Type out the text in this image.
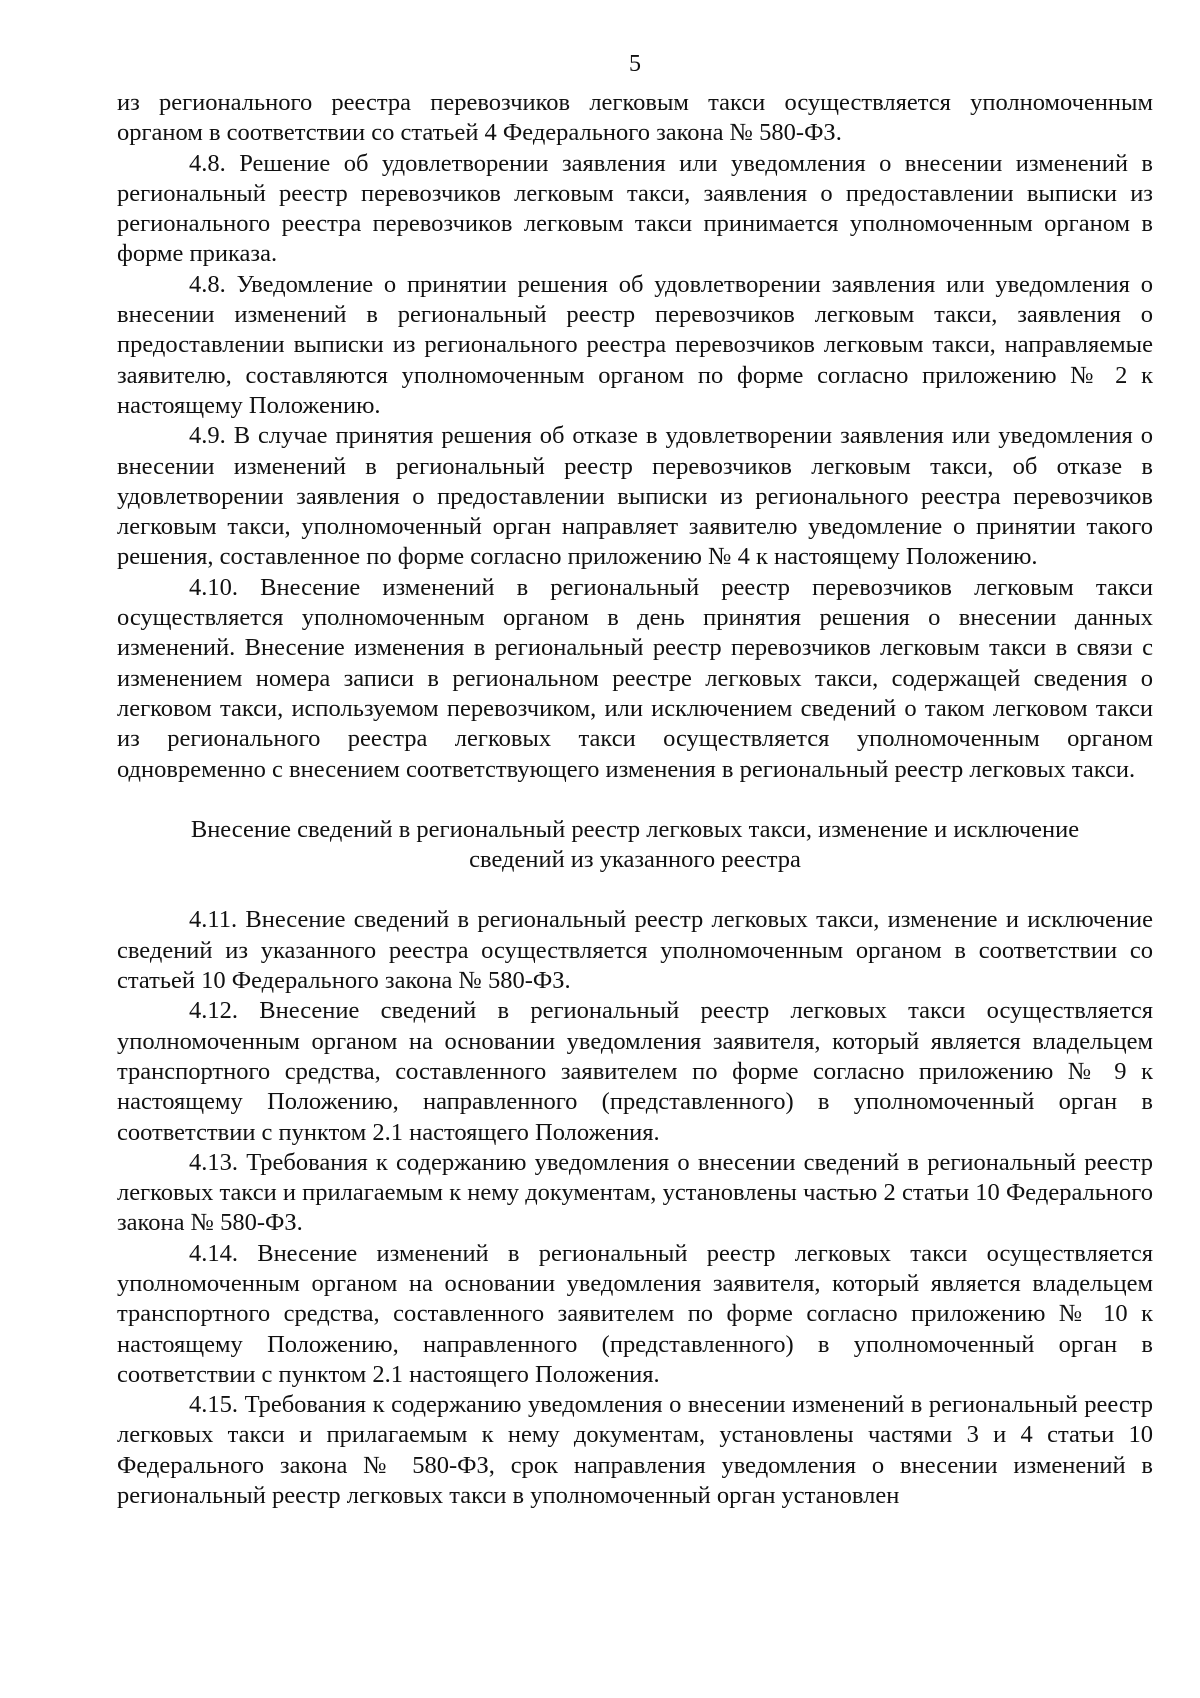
5

из регионального реестра перевозчиков легковым такси осуществляется уполномоченным органом в соответствии со статьей 4 Федерального закона № 580-ФЗ.

4.8. Решение об удовлетворении заявления или уведомления о внесении изменений в региональный реестр перевозчиков легковым такси, заявления о предоставлении выписки из регионального реестра перевозчиков легковым такси принимается уполномоченным органом в форме приказа.

4.8. Уведомление о принятии решения об удовлетворении заявления или уведомления о внесении изменений в региональный реестр перевозчиков легковым такси, заявления о предоставлении выписки из регионального реестра перевозчиков легковым такси, направляемые заявителю, составляются уполномоченным органом по форме согласно приложению № 2 к настоящему Положению.

4.9. В случае принятия решения об отказе в удовлетворении заявления или уведомления о внесении изменений в региональный реестр перевозчиков легковым такси, об отказе в удовлетворении заявления о предоставлении выписки из регионального реестра перевозчиков легковым такси, уполномоченный орган направляет заявителю уведомление о принятии такого решения, составленное по форме согласно приложению № 4 к настоящему Положению.

4.10. Внесение изменений в региональный реестр перевозчиков легковым такси осуществляется уполномоченным органом в день принятия решения о внесении данных изменений. Внесение изменения в региональный реестр перевозчиков легковым такси в связи с изменением номера записи в региональном реестре легковых такси, содержащей сведения о легковом такси, используемом перевозчиком, или исключением сведений о таком легковом такси из регионального реестра легковых такси осуществляется уполномоченным органом одновременно с внесением соответствующего изменения в региональный реестр легковых такси.

Внесение сведений в региональный реестр легковых такси, изменение и исключение
сведений из указанного реестра

4.11. Внесение сведений в региональный реестр легковых такси, изменение и исключение сведений из указанного реестра осуществляется уполномоченным органом в соответствии со статьей 10 Федерального закона № 580-ФЗ.

4.12. Внесение сведений в региональный реестр легковых такси осуществляется уполномоченным органом на основании уведомления заявителя, который является владельцем транспортного средства, составленного заявителем по форме согласно приложению № 9 к настоящему Положению, направленного (представленного) в уполномоченный орган в соответствии с пунктом 2.1 настоящего Положения.

4.13. Требования к содержанию уведомления о внесении сведений в региональный реестр легковых такси и прилагаемым к нему документам, установлены частью 2 статьи 10 Федерального закона № 580-ФЗ.

4.14. Внесение изменений в региональный реестр легковых такси осуществляется уполномоченным органом на основании уведомления заявителя, который является владельцем транспортного средства, составленного заявителем по форме согласно приложению № 10 к настоящему Положению, направленного (представленного) в уполномоченный орган в соответствии с пунктом 2.1 настоящего Положения.

4.15. Требования к содержанию уведомления о внесении изменений в региональный реестр легковых такси и прилагаемым к нему документам, установлены частями 3 и 4 статьи 10 Федерального закона № 580-ФЗ, срок направления уведомления о внесении изменений в региональный реестр легковых такси в уполномоченный орган установлен
